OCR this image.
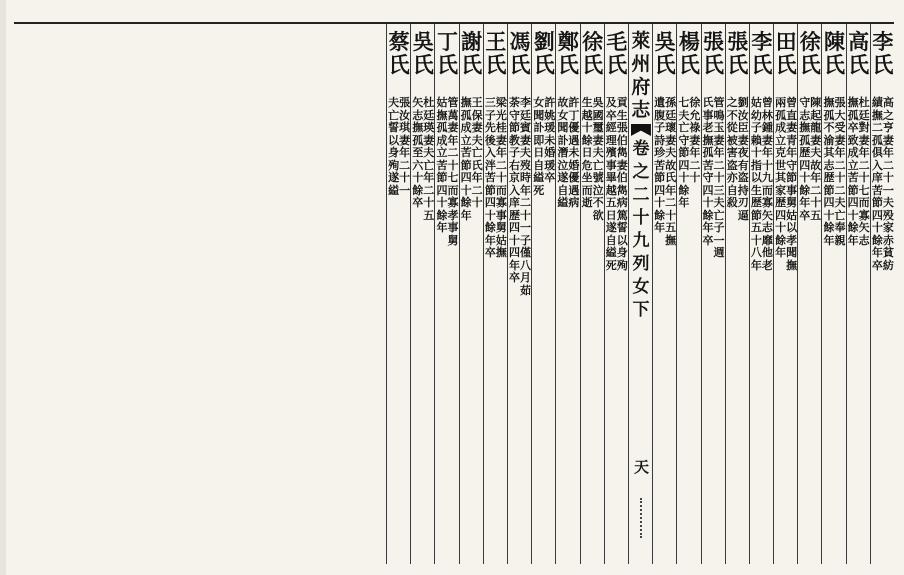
李
氏
高
之
亨
妻
年
二
十
一
夫
殁
家
赤
貧
紡
績
撫
二
孤
俱
入
庠
苦
節
四
十
餘
年
卒
高
氏
杜
廷
對
妻
年
二
十
七
而
寡
矢
志
撫
孤
卒
致
成
立
苦
節
四
十
餘
年
陳
氏
張
大
受
妻
年
二
十
二
夫
亡
奉
親
撫
孤
不
渝
其
志
歴
節
四
十
餘
年
徐
氏
陳
起
龍
妻
夫
故
年
二
十
五
守
志
撫
孤
歴
四
十
餘
年
卒
田
氏
曾
直
妻
青
年
守
節
事
舅
姑
以
孝
聞
撫
兩
孤
成
立
克
世
其
家
歴
四
十
餘
年
李
氏
曾
林
鍾
妻
年
十
九
而
寡
矢
志
靡
他
老
姑
幼
子
賴
十
指
以
生
歴
節
五
十
八
年
張
氏
劉
汝
臣
妻
夜
有
盗
持
刃
逼
之
不
從
被
害
盗
亦
自
殺
張
氏
管
鳴
玉
妻
年
二
十
三
夫
亡
子
一
週
氏
事
老
撫
孤
苦
守
四
十
餘
年
卒
楊
氏
徐
允
祿
妻
年
二
十
七
夫
亡
守
節
四
十
餘
年
吳
氏
孫
廷
瓌
妻
夫
故
氏
年
二
十
五
撫
遺
腹
子
詩
珍
苦
節
四
十
餘
年
萊
州
府
志
卷
之
二
十
九
列
女
下
天
毛
氏
貢
生
張
伯
雋
妻
伯
雋
病
篤
誓
以
身
殉
及
卒
經
理
殯
事
畢
越
五
日
遂
自
縊
死
徐
氏
吳
國
璽
妻
夫
亡
號
泣
不
欲
生
越
十
餘
日
危
坐
而
逝
鄭
氏
許
丁
優
遇
未
婚
優
遇
病
故
女
聞
訃
潛
泣
遂
自
縊
劉
氏
許
姚
瑗
未
婚
瑗
卒
女
聞
訃
即
日
自
縊
死
馮
氏
李
廷
賓
妻
夫
歿
時
年
二
十
一
子
僅
八
月
茹
荼
守
節
教
子
右
京
入
庠
歴
四
十
四
年
卒
王
氏
梁
光
桂
妻
年
二
十
而
寡
事
舅
姑
撫
三
子
先
後
入
泮
苦
節
四
十
餘
年
卒
謝
氏
王
保
妻
夫
亡
氏
年
二
十
撫
孤
成
立
苦
節
四
十
餘
年
丁
氏
管
萬
妻
年
二
十
七
而
寡
孝
事
舅
姑
撫
孤
成
立
苦
節
四
十
餘
年
吳
氏
杜
廷
瑛
妻
夫
亡
年
二
十
五
矢
志
撫
孤
至
六
十
餘
卒
蔡
氏
張
汝
琪
妻
年
二
十
一
夫
亡
誓
以
身
殉
遂
縊
